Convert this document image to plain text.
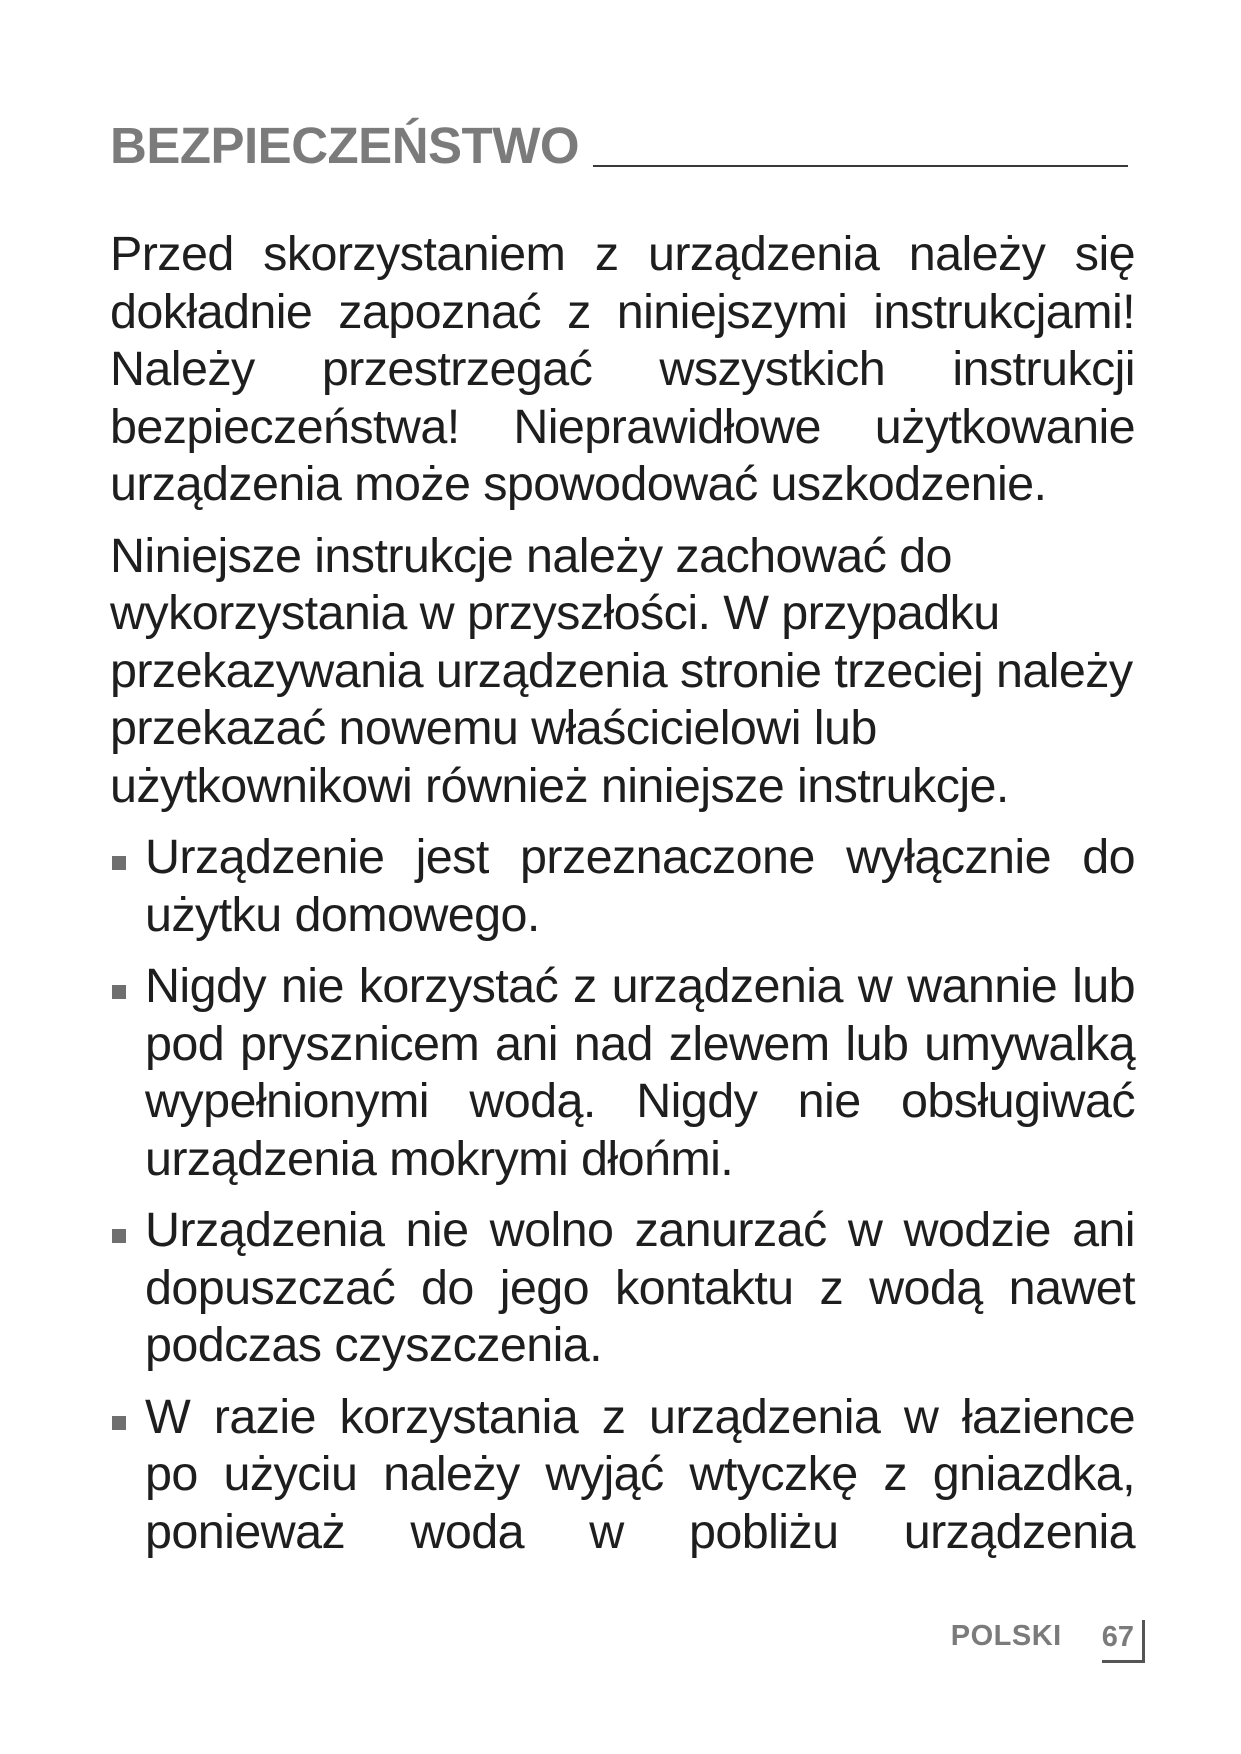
BEZPIECZEŃSTWO

Przed skorzystaniem z urządzenia należy się dokładnie zapoznać z niniejszymi instrukcjami! Należy przestrzegać wszystkich instrukcji bezpieczeństwa! Nieprawidłowe użytkowanie urządzenia może spowodować uszkodzenie.

Niniejsze instrukcje należy zachować do wykorzystania w przyszłości. W przypadku przekazywania urządzenia stronie trzeciej należy przekazać nowemu właścicielowi lub użytkownikowi również niniejsze instrukcje.

Urządzenie jest przeznaczone wyłącznie do użytku domowego.
Nigdy nie korzystać z urządzenia w wannie lub pod prysznicem ani nad zlewem lub umywalką wypełnionymi wodą. Nigdy nie obsługiwać urządzenia mokrymi dłońmi.
Urządzenia nie wolno zanurzać w wodzie ani dopuszczać do jego kontaktu z wodą nawet podczas czyszczenia.
W razie korzystania z urządzenia w łazience po użyciu należy wyjąć wtyczkę z gniazdka, ponieważ woda w pobliżu urządzenia
POLSKI 67
